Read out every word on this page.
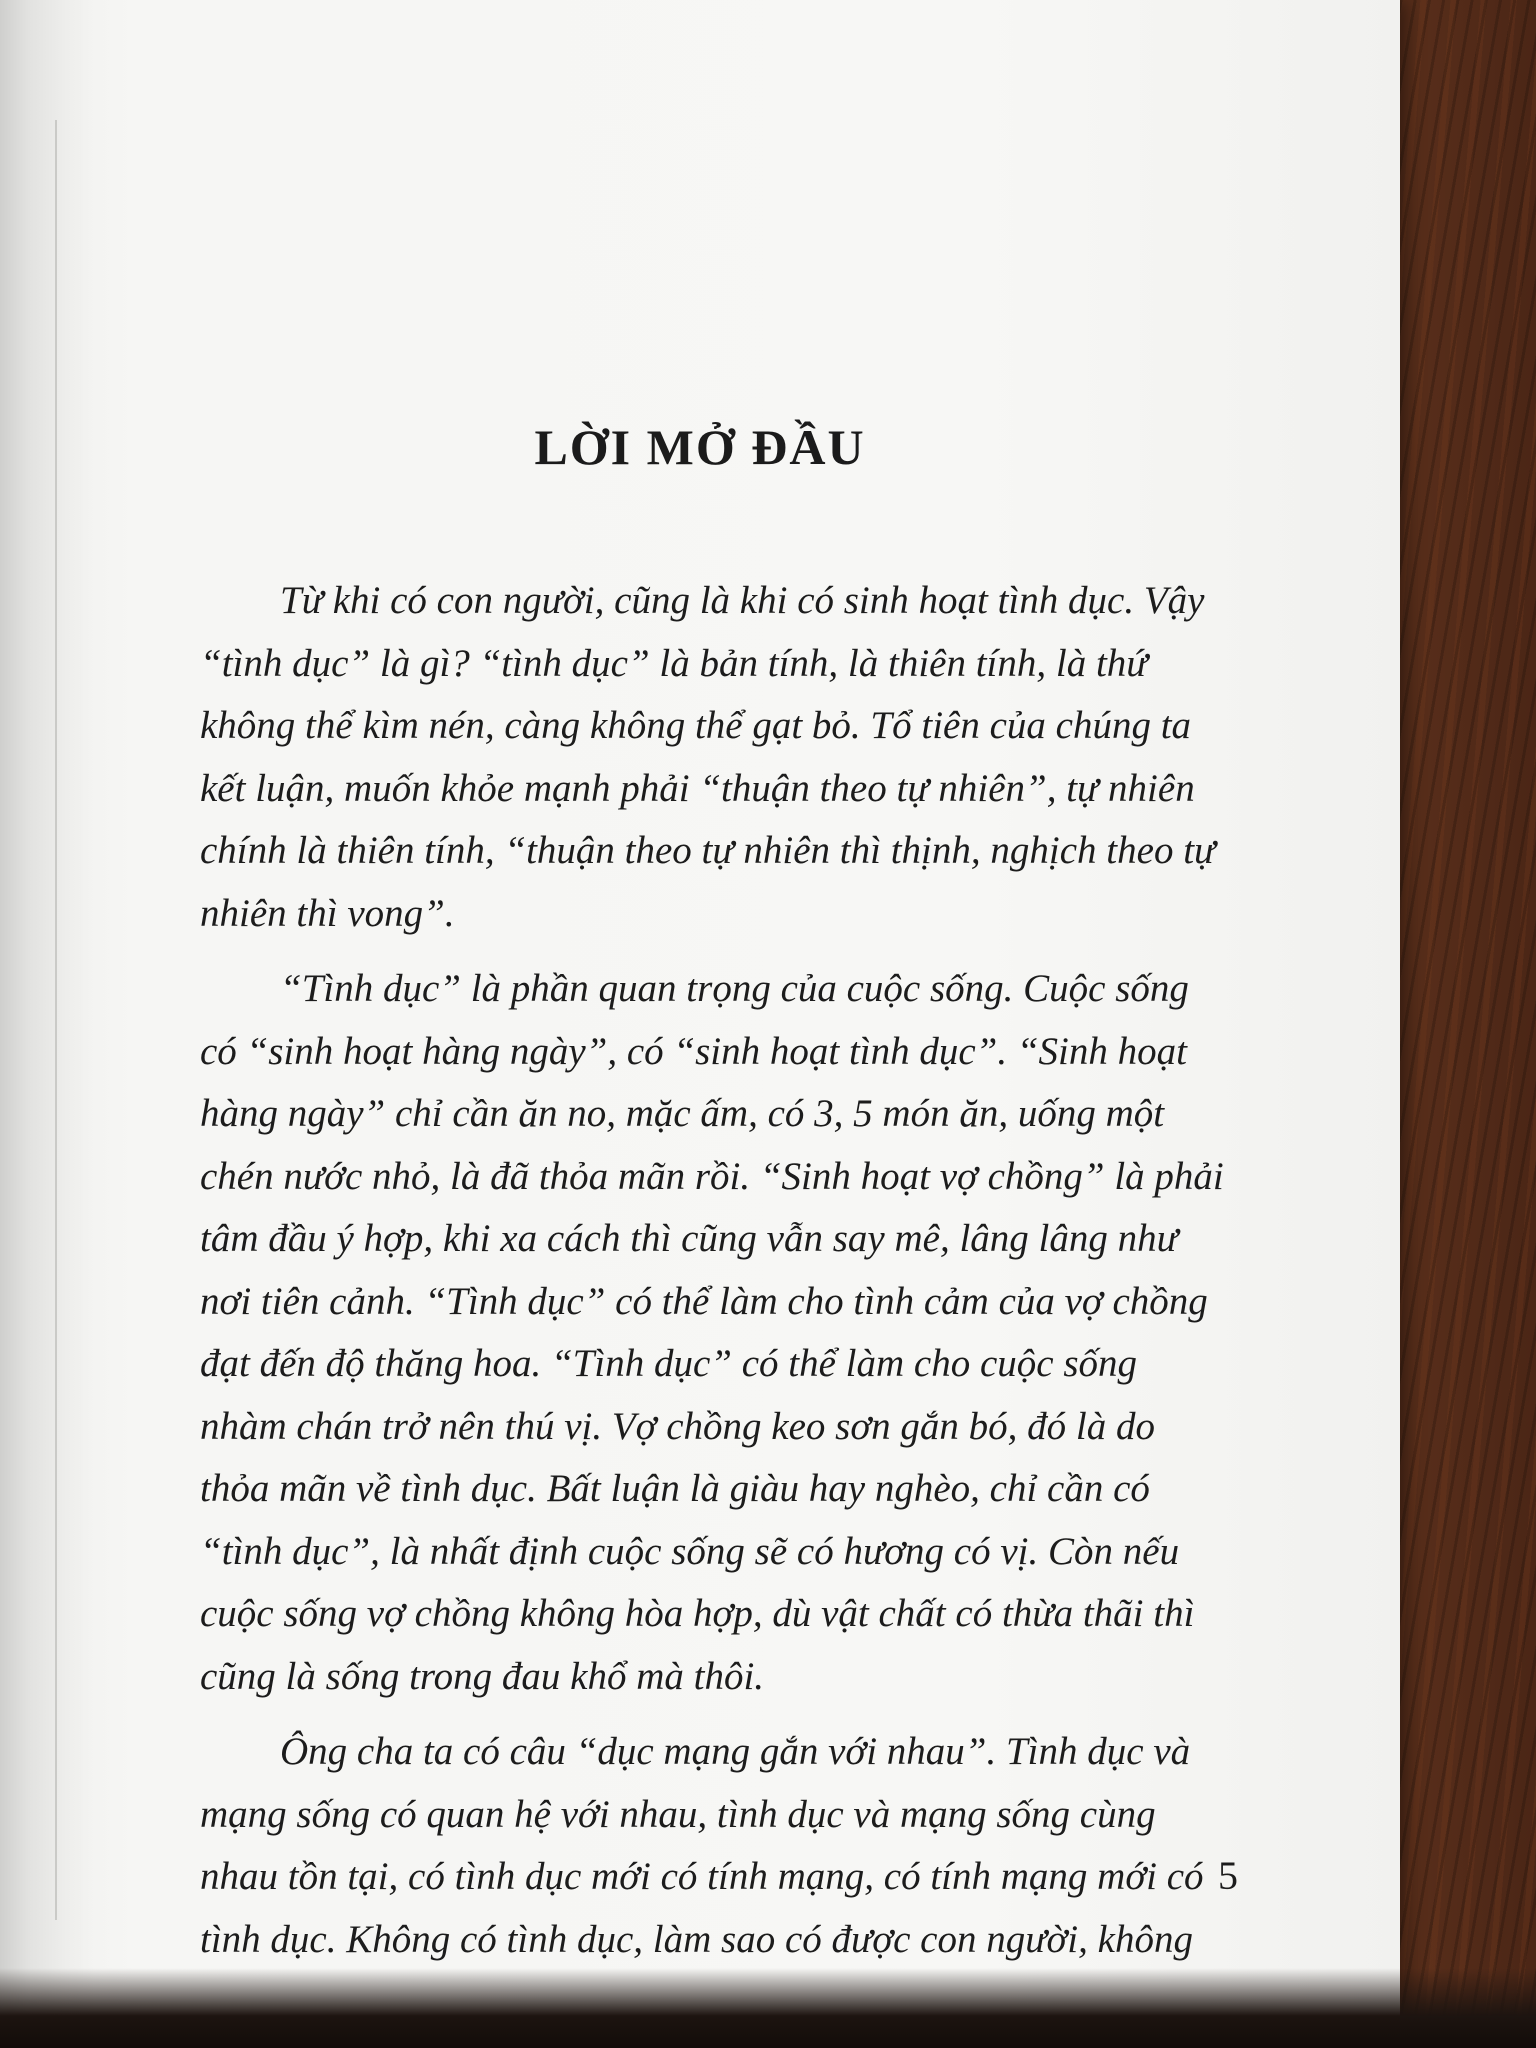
LỜI MỞ ĐẦU
Từ khi có con người, cũng là khi có sinh hoạt tình dục. Vậy
“tình dục” là gì? “tình dục” là bản tính, là thiên tính, là thứ
không thể kìm nén, càng không thể gạt bỏ. Tổ tiên của chúng ta
kết luận, muốn khỏe mạnh phải “thuận theo tự nhiên”, tự nhiên
chính là thiên tính, “thuận theo tự nhiên thì thịnh, nghịch theo tự
nhiên thì vong”.
“Tình dục” là phần quan trọng của cuộc sống. Cuộc sống
có “sinh hoạt hàng ngày”, có “sinh hoạt tình dục”. “Sinh hoạt
hàng ngày” chỉ cần ăn no, mặc ấm, có 3, 5 món ăn, uống một
chén nước nhỏ, là đã thỏa mãn rồi. “Sinh hoạt vợ chồng” là phải
tâm đầu ý hợp, khi xa cách thì cũng vẫn say mê, lâng lâng như
nơi tiên cảnh. “Tình dục” có thể làm cho tình cảm của vợ chồng
đạt đến độ thăng hoa. “Tình dục” có thể làm cho cuộc sống
nhàm chán trở nên thú vị. Vợ chồng keo sơn gắn bó, đó là do
thỏa mãn về tình dục. Bất luận là giàu hay nghèo, chỉ cần có
“tình dục”, là nhất định cuộc sống sẽ có hương có vị. Còn nếu
cuộc sống vợ chồng không hòa hợp, dù vật chất có thừa thãi thì
cũng là sống trong đau khổ mà thôi.
Ông cha ta có câu “dục mạng gắn với nhau”. Tình dục và
mạng sống có quan hệ với nhau, tình dục và mạng sống cùng
nhau tồn tại, có tình dục mới có tính mạng, có tính mạng mới có
tình dục. Không có tình dục, làm sao có được con người, không
5
